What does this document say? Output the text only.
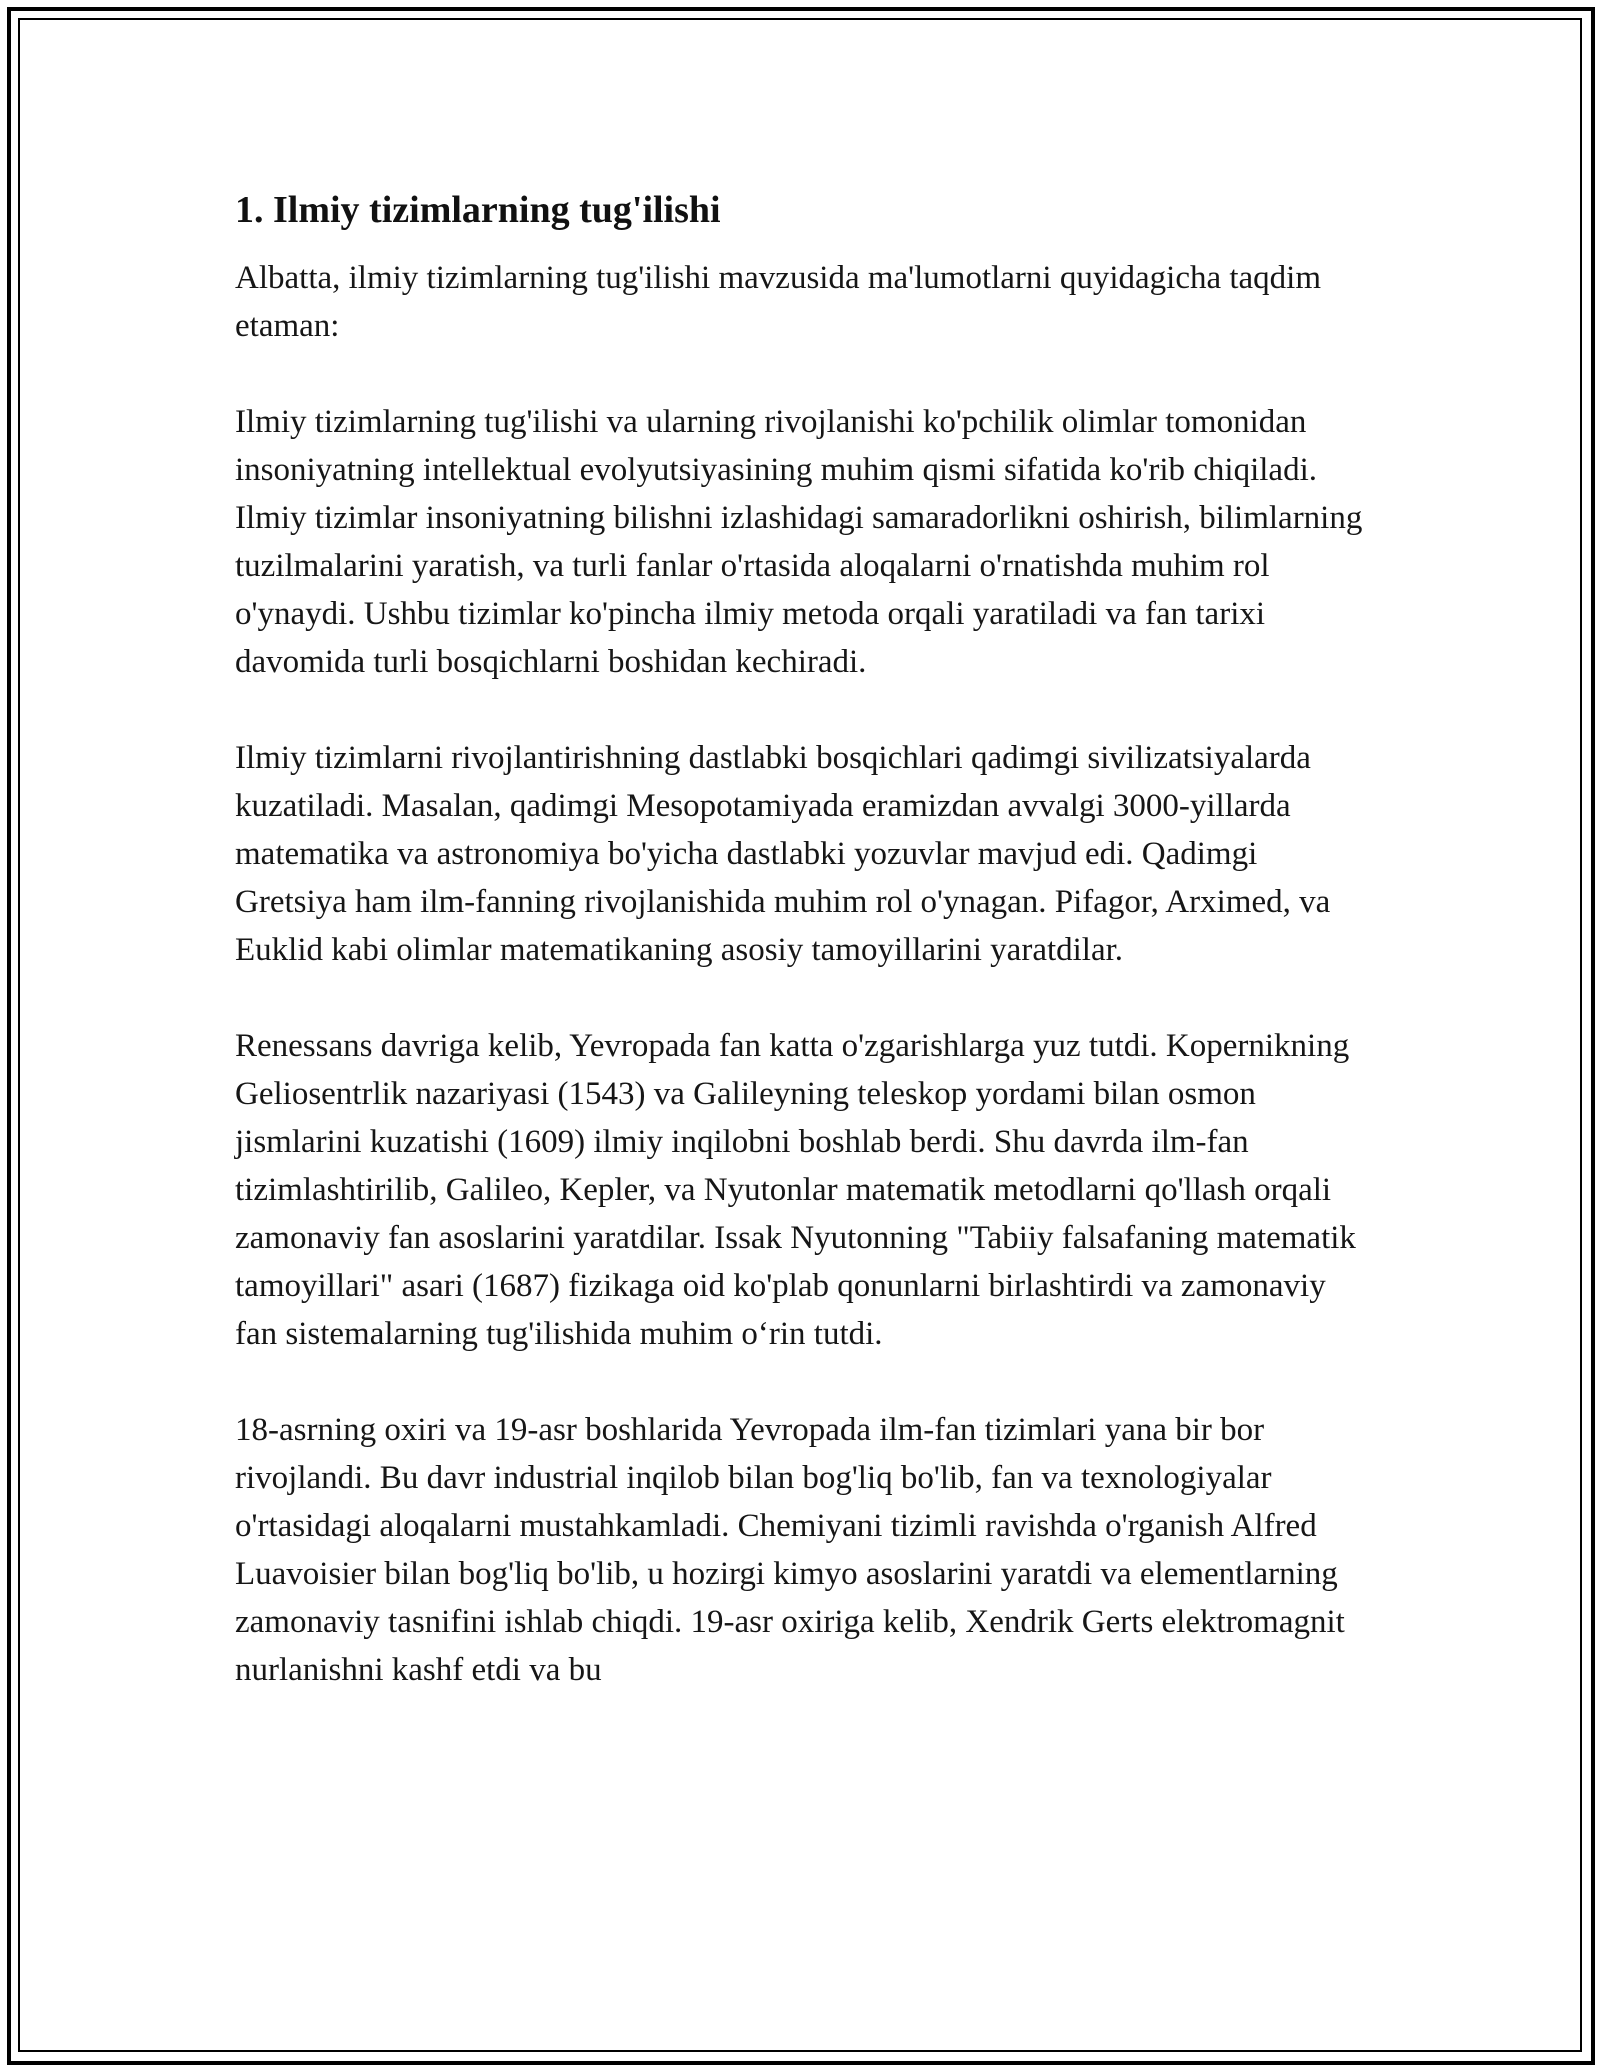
1. Ilmiy tizimlarning tug'ilishi

Albatta, ilmiy tizimlarning tug'ilishi mavzusida ma'lumotlarni quyidagicha taqdim etaman:

Ilmiy tizimlarning tug'ilishi va ularning rivojlanishi ko'pchilik olimlar tomonidan insoniyatning intellektual evolyutsiyasining muhim qismi sifatida ko'rib chiqiladi. Ilmiy tizimlar insoniyatning bilishni izlashidagi samaradorlikni oshirish, bilimlarning tuzilmalarini yaratish, va turli fanlar o'rtasida aloqalarni o'rnatishda muhim rol o'ynaydi. Ushbu tizimlar ko'pincha ilmiy metoda orqali yaratiladi va fan tarixi davomida turli bosqichlarni boshidan kechiradi.

Ilmiy tizimlarni rivojlantirishning dastlabki bosqichlari qadimgi sivilizatsiyalarda kuzatiladi. Masalan, qadimgi Mesopotamiyada eramizdan avvalgi 3000-yillarda matematika va astronomiya bo'yicha dastlabki yozuvlar mavjud edi. Qadimgi Gretsiya ham ilm-fanning rivojlanishida muhim rol o'ynagan. Pifagor, Arximed, va Euklid kabi olimlar matematikaning asosiy tamoyillarini yaratdilar.

Renessans davriga kelib, Yevropada fan katta o'zgarishlarga yuz tutdi. Kopernikning Geliosentrlik nazariyasi (1543) va Galileyning teleskop yordami bilan osmon jismlarini kuzatishi (1609) ilmiy inqilobni boshlab berdi. Shu davrda ilm-fan tizimlashtirilib, Galileo, Kepler, va Nyutonlar matematik metodlarni qo'llash orqali zamonaviy fan asoslarini yaratdilar. Issak Nyutonning "Tabiiy falsafaning matematik tamoyillari" asari (1687) fizikaga oid ko'plab qonunlarni birlashtirdi va zamonaviy fan sistemalarning tug'ilishida muhim o‘rin tutdi.

18-asrning oxiri va 19-asr boshlarida Yevropada ilm-fan tizimlari yana bir bor rivojlandi. Bu davr industrial inqilob bilan bog'liq bo'lib, fan va texnologiyalar o'rtasidagi aloqalarni mustahkamladi. Chemiyani tizimli ravishda o'rganish Alfred Luavoisier bilan bog'liq bo'lib, u hozirgi kimyo asoslarini yaratdi va elementlarning zamonaviy tasnifini ishlab chiqdi. 19-asr oxiriga kelib, Xendrik Gerts elektromagnit nurlanishni kashf etdi va bu
